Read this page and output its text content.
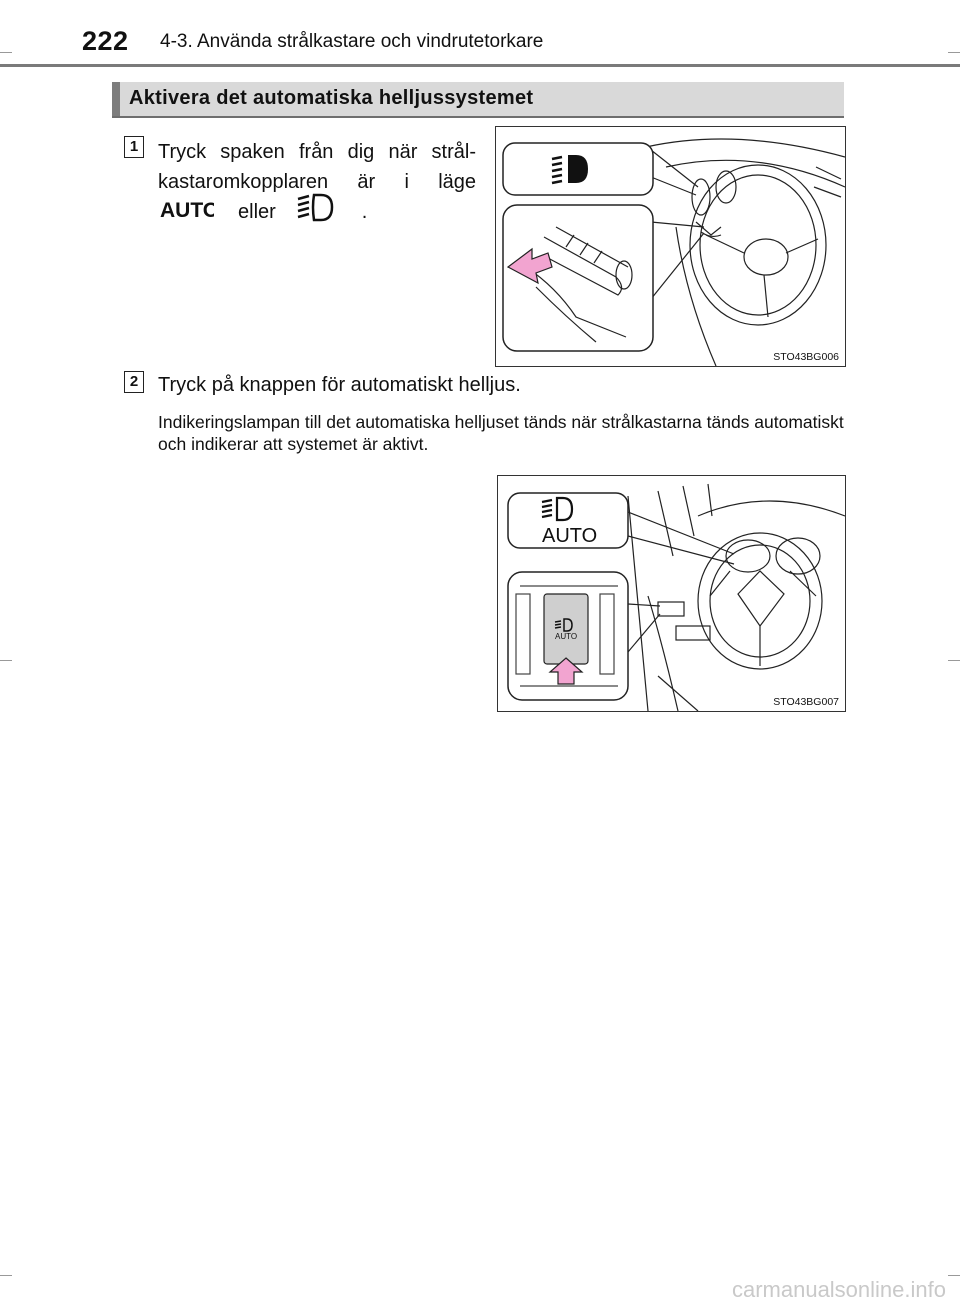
222 4-3. Använda strålkastare och vindrutetorkare
Aktivera det automatiska helljussystemet
1 Tryck spaken från dig när strål- kastaromkopplaren är i läge
AUTO eller	.
STO43BG006
2 Tryck på knappen för automatiskt helljus.
Indikeringslampan till det automatiska helljuset tänds när strålkastarna tänds automatiskt och indikerar att systemet är aktivt.
AUTO
AUTO
STO43BG007
carmanualsonline.info
